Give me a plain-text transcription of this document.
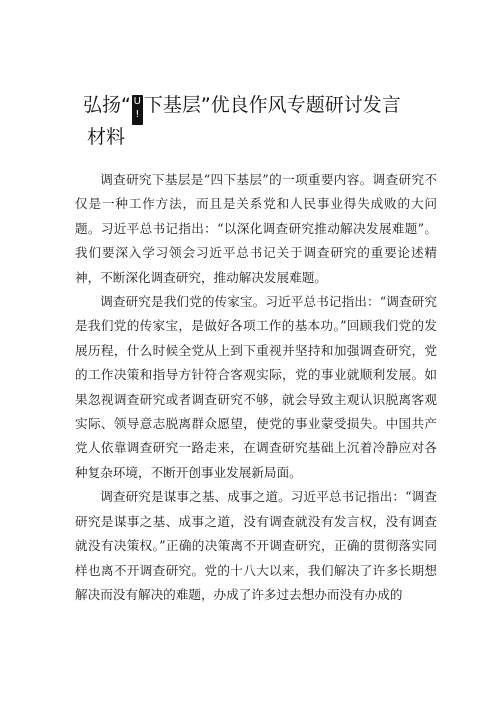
弘扬“ U
! 下基层”优良作风专题研讨发言
材料

调查研究下基层是“四下基层”的一项重要内容。调查研究不仅是一种工作方法，而且是关系党和人民事业得失成败的大问题。习近平总书记指出：“以深化调查研究推动解决发展难题”。我们要深入学习领会习近平总书记关于调查研究的重要论述精神，不断深化调查研究，推动解决发展难题。

调查研究是我们党的传家宝。习近平总书记指出：“调查研究是我们党的传家宝，是做好各项工作的基本功。”回顾我们党的发展历程，什么时候全党从上到下重视并坚持和加强调查研究，党的工作决策和指导方针符合客观实际，党的事业就顺利发展。如果忽视调查研究或者调查研究不够，就会导致主观认识脱离客观实际、领导意志脱离群众愿望，使党的事业蒙受损失。中国共产党人依靠调查研究一路走来，在调查研究基础上沉着冷静应对各种复杂环境，不断开创事业发展新局面。

调查研究是谋事之基、成事之道。习近平总书记指出：“调查研究是谋事之基、成事之道，没有调查就没有发言权，没有调查就没有决策权。”正确的决策离不开调查研究，正确的贯彻落实同样也离不开调查研究。党的十八大以来，我们解决了许多长期想解决而没有解决的难题，办成了许多过去想办而没有办成的
